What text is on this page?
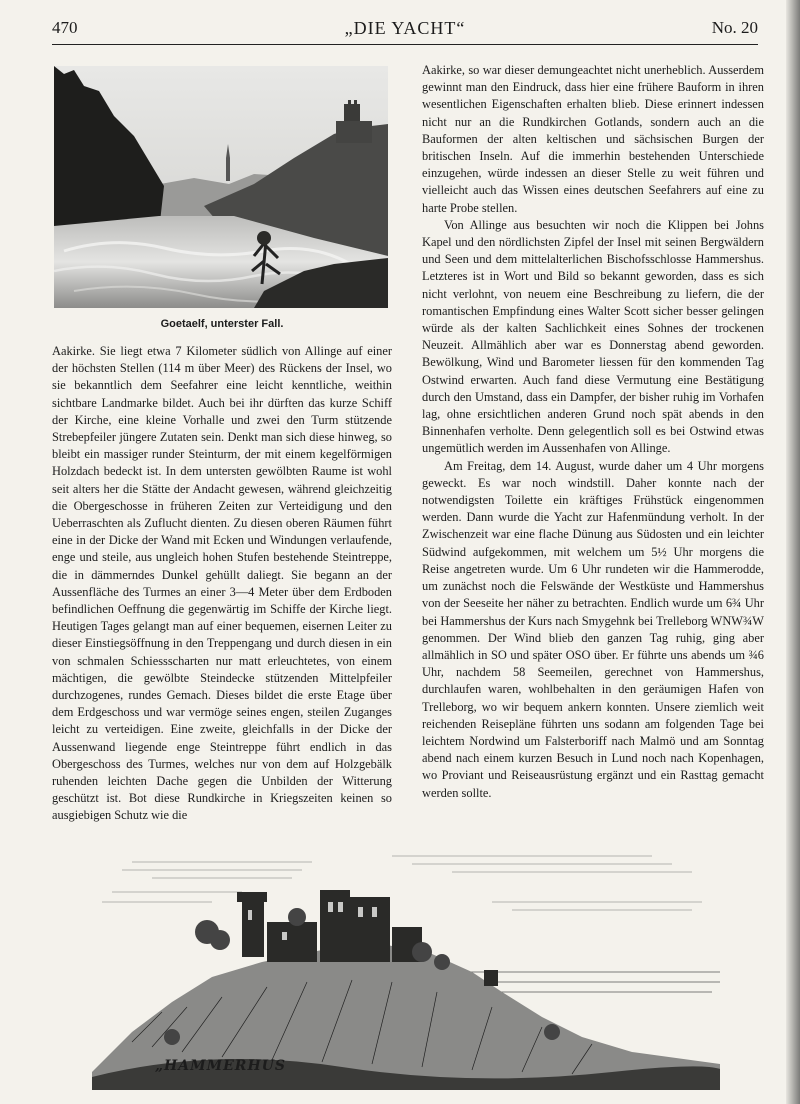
470	„DIE YACHT“	No. 20
Goetaelf, unterster Fall.

Aakirke. Sie liegt etwa 7 Kilometer südlich von Allinge auf einer der höchsten Stellen (114 m über Meer) des Rückens der Insel, wo sie bekanntlich dem Seefahrer eine leicht kenntliche, weithin sichtbare Landmarke bildet. Auch bei ihr dürften das kurze Schiff der Kirche, eine kleine Vorhalle und zwei den Turm stützende Strebepfeiler jüngere Zutaten sein. Denkt man sich diese hinweg, so bleibt ein massiger runder Steinturm, der mit einem kegelförmigen Holzdach bedeckt ist. In dem untersten gewölbten Raume ist wohl seit alters her die Stätte der Andacht gewesen, während gleichzeitig die Obergeschosse in früheren Zeiten zur Verteidigung und den Ueberraschten als Zuflucht dienten. Zu diesen oberen Räumen führt eine in der Dicke der Wand mit Ecken und Windungen verlaufende, enge und steile, aus ungleich hohen Stufen bestehende Steintreppe, die in dämmerndes Dunkel gehüllt daliegt. Sie begann an der Aussenfläche des Turmes an einer 3—4 Meter über dem Erdboden befindlichen Oeffnung die gegenwärtig im Schiffe der Kirche liegt. Heutigen Tages gelangt man auf einer bequemen, eisernen Leiter zu dieser Einstiegsöffnung in den Treppengang und durch diesen in ein von schmalen Schiessscharten nur matt erleuchtetes, von einem mächtigen, die gewölbte Steindecke stützenden Mittelpfeiler durchzogenes, rundes Gemach. Dieses bildet die erste Etage über dem Erdgeschoss und war vermöge seines engen, steilen Zuganges leicht zu verteidigen. Eine zweite, gleichfalls in der Dicke der Aussenwand liegende enge Steintreppe führt endlich in das Obergeschoss des Turmes, welches nur von dem auf Holzgebälk ruhenden leichten Dache gegen die Unbilden der Witterung geschützt ist. Bot diese Rundkirche in Kriegszeiten keinen so ausgiebigen Schutz wie die

Aakirke, so war dieser demungeachtet nicht unerheblich. Ausserdem gewinnt man den Eindruck, dass hier eine frühere Bauform in ihren wesentlichen Eigenschaften erhalten blieb. Diese erinnert indessen nicht nur an die Rundkirchen Gotlands, sondern auch an die Bauformen der alten keltischen und sächsischen Burgen der britischen Inseln. Auf die immerhin bestehenden Unterschiede einzugehen, würde indessen an dieser Stelle zu weit führen und vielleicht auch das Wissen eines deutschen Seefahrers auf eine zu harte Probe stellen.

Von Allinge aus besuchten wir noch die Klippen bei Johns Kapel und den nördlichsten Zipfel der Insel mit seinen Bergwäldern und Seen und dem mittelalterlichen Bischofsschlosse Hammershus. Letzteres ist in Wort und Bild so bekannt geworden, dass es sich nicht verlohnt, von neuem eine Beschreibung zu liefern, die der romantischen Empfindung eines Walter Scott sicher besser gelingen würde als der kalten Sachlichkeit eines Sohnes der trockenen Neuzeit. Allmählich aber war es Donnerstag abend geworden. Bewölkung, Wind und Barometer liessen für den kommenden Tag Ostwind erwarten. Auch fand diese Vermutung eine Bestätigung durch den Umstand, dass ein Dampfer, der bisher ruhig im Vorhafen lag, ohne ersichtlichen anderen Grund noch spät abends in den Binnenhafen verholte. Denn gelegentlich soll es bei Ostwind etwas ungemütlich werden im Aussenhafen von Allinge.

Am Freitag, dem 14. August, wurde daher um 4 Uhr morgens geweckt. Es war noch windstill. Daher konnte nach der notwendigsten Toilette ein kräftiges Frühstück eingenommen werden. Dann wurde die Yacht zur Hafenmündung verholt. In der Zwischenzeit war eine flache Dünung aus Südosten und ein leichter Südwind aufgekommen, mit welchem um 5½ Uhr morgens die Reise angetreten wurde. Um 6 Uhr rundeten wir die Hammerodde, um zunächst noch die Felswände der Westküste und Hammershus von der Seeseite her näher zu betrachten. Endlich wurde um 6¾ Uhr bei Hammershus der Kurs nach Smygehnk bei Trelleborg WNW¾W genommen. Der Wind blieb den ganzen Tag ruhig, ging aber allmählich in SO und später OSO über. Er führte uns abends um ¾6 Uhr, nachdem 58 Seemeilen, gerechnet von Hammershus, durchlaufen waren, wohlbehalten in den geräumigen Hafen von Trelleborg, wo wir bequem ankern konnten. Unsere ziemlich weit reichenden Reisepläne führten uns sodann am folgenden Tage bei leichtem Nordwind um Falsterboriff nach Malmö und am Sonntag abend nach einem kurzen Besuch in Lund noch nach Kopenhagen, wo Proviant und Reiseausrüstung ergänzt und ein Rasttag gemacht werden sollte.

„HAMMERHUS
